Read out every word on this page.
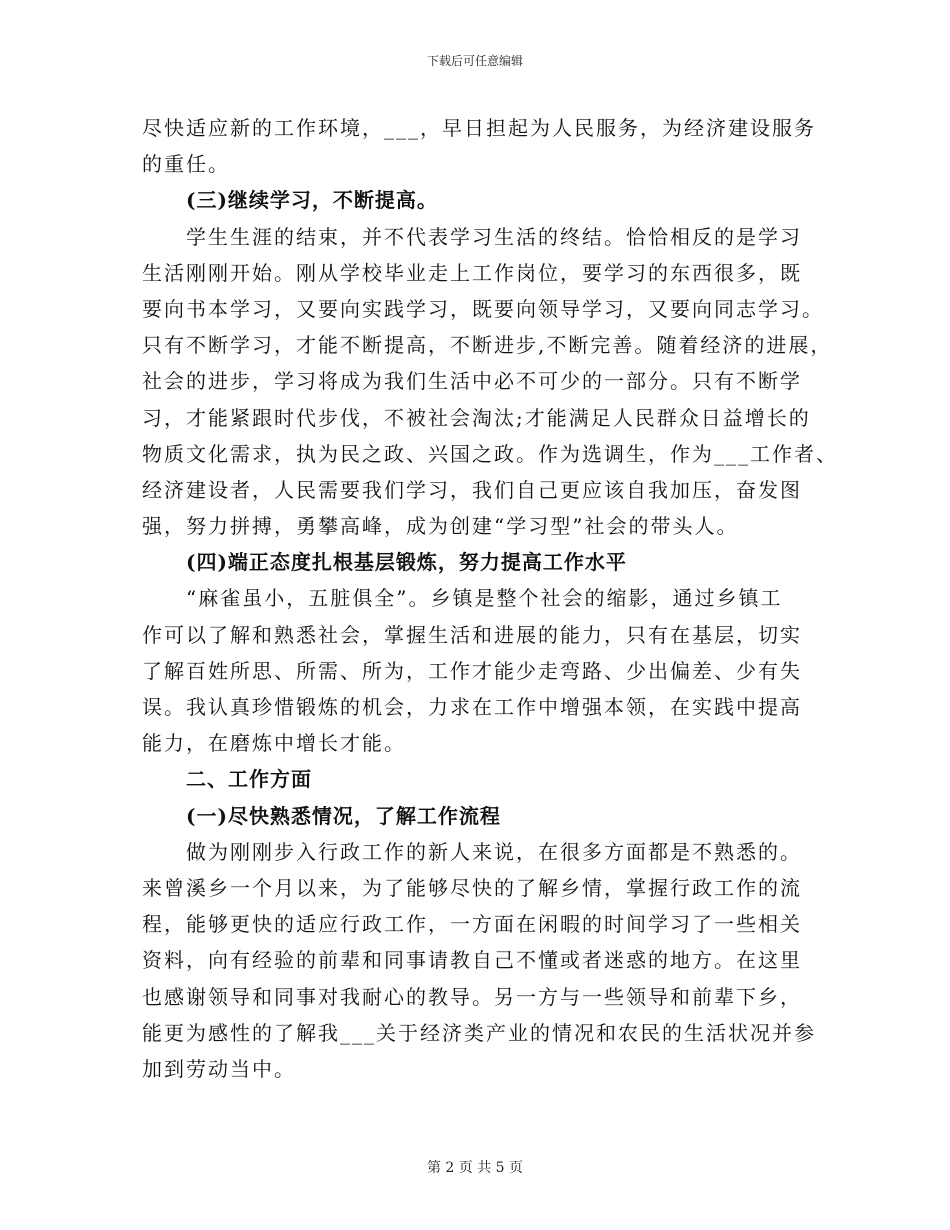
下载后可任意编辑
尽快适应新的工作环境，___，早日担起为人民服务，为经济建设服务
的重任。
(三)继续学习，不断提高。
学生生涯的结束，并不代表学习生活的终结。恰恰相反的是学习
生活刚刚开始。刚从学校毕业走上工作岗位，要学习的东西很多，既
要向书本学习，又要向实践学习，既要向领导学习，又要向同志学习。
只有不断学习，才能不断提高，不断进步,不断完善。随着经济的进展，
社会的进步，学习将成为我们生活中必不可少的一部分。只有不断学
习，才能紧跟时代步伐，不被社会淘汰;才能满足人民群众日益增长的
物质文化需求，执为民之政、兴国之政。作为选调生，作为___工作者、
经济建设者，人民需要我们学习，我们自己更应该自我加压，奋发图
强，努力拼搏，勇攀高峰，成为创建“学习型”社会的带头人。
(四)端正态度扎根基层锻炼，努力提高工作水平
“麻雀虽小，五脏俱全”。乡镇是整个社会的缩影，通过乡镇工
作可以了解和熟悉社会，掌握生活和进展的能力，只有在基层，切实
了解百姓所思、所需、所为，工作才能少走弯路、少出偏差、少有失
误。我认真珍惜锻炼的机会，力求在工作中增强本领，在实践中提高
能力，在磨炼中增长才能。
二、工作方面
(一)尽快熟悉情况，了解工作流程
做为刚刚步入行政工作的新人来说，在很多方面都是不熟悉的。
来曾溪乡一个月以来，为了能够尽快的了解乡情，掌握行政工作的流
程，能够更快的适应行政工作，一方面在闲暇的时间学习了一些相关
资料，向有经验的前辈和同事请教自己不懂或者迷惑的地方。在这里
也感谢领导和同事对我耐心的教导。另一方与一些领导和前辈下乡，
能更为感性的了解我___关于经济类产业的情况和农民的生活状况并参
加到劳动当中。
第 2 页 共 5 页
